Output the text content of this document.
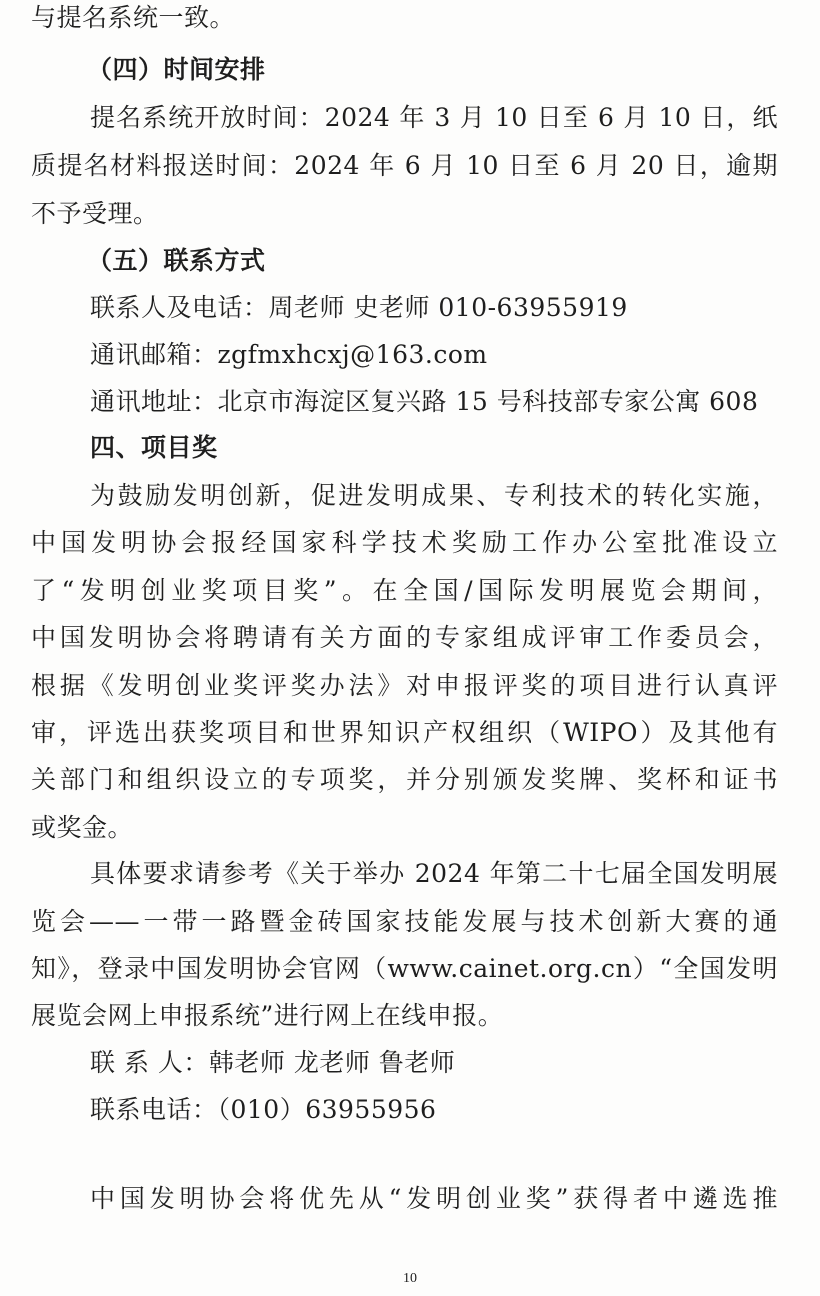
与提名系统一致。
（四）时间安排
提名系统开放时间：2024 年 3 月 10 日至 6 月 10 日，纸
质提名材料报送时间：2024 年 6 月 10 日至 6 月 20 日，逾期
不予受理。
（五）联系方式
联系人及电话：周老师 史老师 010-63955919
通讯邮箱：zgfmxhcxj@163.com
通讯地址：北京市海淀区复兴路 15 号科技部专家公寓 608
四、项目奖
为鼓励发明创新，促进发明成果、专利技术的转化实施，
中国发明协会报经国家科学技术奖励工作办公室批准设立
了“发明创业奖项目奖”。在全国/国际发明展览会期间，
中国发明协会将聘请有关方面的专家组成评审工作委员会，
根据《发明创业奖评奖办法》对申报评奖的项目进行认真评
审，评选出获奖项目和世界知识产权组织（WIPO）及其他有
关部门和组织设立的专项奖，并分别颁发奖牌、奖杯和证书
或奖金。
具体要求请参考《关于举办 2024 年第二十七届全国发明展
览会——一带一路暨金砖国家技能发展与技术创新大赛的通
知》，登录中国发明协会官网（www.cainet.org.cn）“全国发明
展览会网上申报系统”进行网上在线申报。
联 系 人：韩老师 龙老师 鲁老师
联系电话：（010）63955956
中国发明协会将优先从“发明创业奖”获得者中遴选推
10
